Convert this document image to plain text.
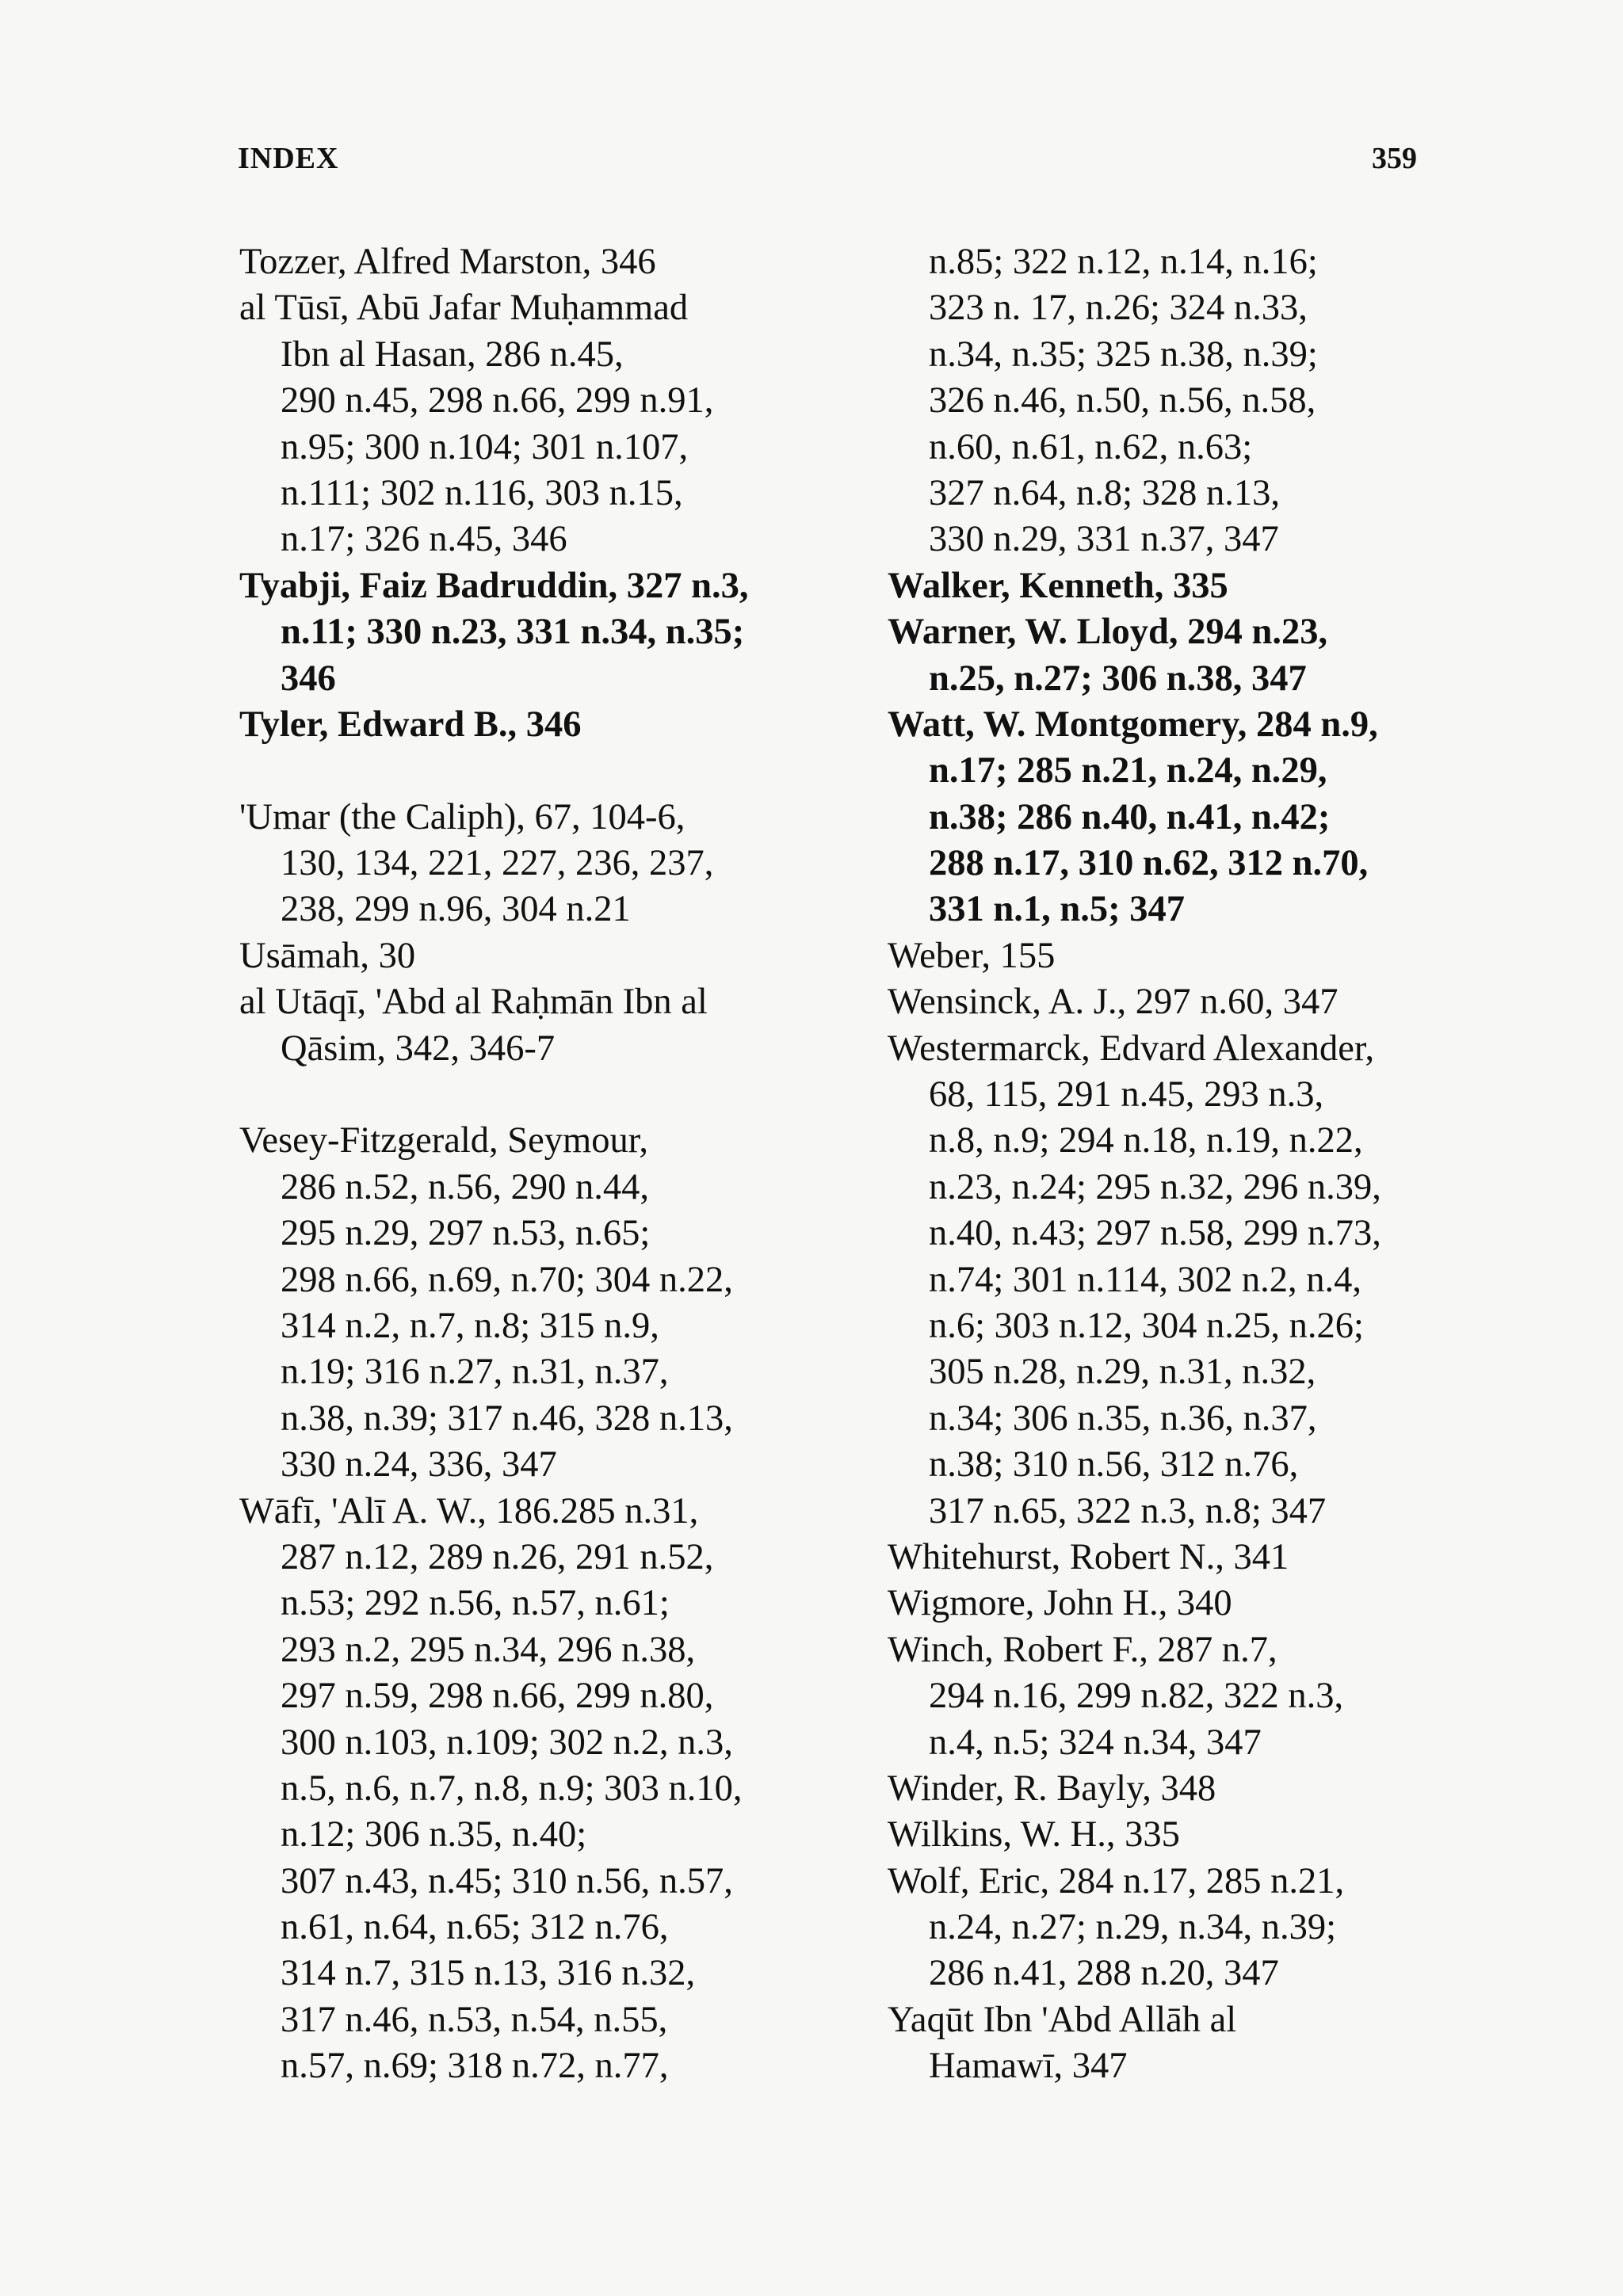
INDEX	359
Tozzer, Alfred Marston, 346
al Tūsī, Abū Jafar Muḥammad
Ibn al Hasan, 286 n.45,
290 n.45, 298 n.66, 299 n.91,
n.95; 300 n.104; 301 n.107,
n.111; 302 n.116, 303 n.15,
n.17; 326 n.45, 346
Tyabji, Faiz Badruddin, 327 n.3,
n.11; 330 n.23, 331 n.34, n.35;
346
Tyler, Edward B., 346
'Umar (the Caliph), 67, 104-6,
130, 134, 221, 227, 236, 237,
238, 299 n.96, 304 n.21
Usāmah, 30
al Utāqī, 'Abd al Raḥmān Ibn al
Qāsim, 342, 346-7
Vesey-Fitzgerald, Seymour,
286 n.52, n.56, 290 n.44,
295 n.29, 297 n.53, n.65;
298 n.66, n.69, n.70; 304 n.22,
314 n.2, n.7, n.8; 315 n.9,
n.19; 316 n.27, n.31, n.37,
n.38, n.39; 317 n.46, 328 n.13,
330 n.24, 336, 347
Wāfī, 'Alī A. W., 186.285 n.31,
287 n.12, 289 n.26, 291 n.52,
n.53; 292 n.56, n.57, n.61;
293 n.2, 295 n.34, 296 n.38,
297 n.59, 298 n.66, 299 n.80,
300 n.103, n.109; 302 n.2, n.3,
n.5, n.6, n.7, n.8, n.9; 303 n.10,
n.12; 306 n.35, n.40;
307 n.43, n.45; 310 n.56, n.57,
n.61, n.64, n.65; 312 n.76,
314 n.7, 315 n.13, 316 n.32,
317 n.46, n.53, n.54, n.55,
n.57, n.69; 318 n.72, n.77,
n.85; 322 n.12, n.14, n.16;
323 n. 17, n.26; 324 n.33,
n.34, n.35; 325 n.38, n.39;
326 n.46, n.50, n.56, n.58,
n.60, n.61, n.62, n.63;
327 n.64, n.8; 328 n.13,
330 n.29, 331 n.37, 347
Walker, Kenneth, 335
Warner, W. Lloyd, 294 n.23,
n.25, n.27; 306 n.38, 347
Watt, W. Montgomery, 284 n.9,
n.17; 285 n.21, n.24, n.29,
n.38; 286 n.40, n.41, n.42;
288 n.17, 310 n.62, 312 n.70,
331 n.1, n.5; 347
Weber, 155
Wensinck, A. J., 297 n.60, 347
Westermarck, Edvard Alexander,
68, 115, 291 n.45, 293 n.3,
n.8, n.9; 294 n.18, n.19, n.22,
n.23, n.24; 295 n.32, 296 n.39,
n.40, n.43; 297 n.58, 299 n.73,
n.74; 301 n.114, 302 n.2, n.4,
n.6; 303 n.12, 304 n.25, n.26;
305 n.28, n.29, n.31, n.32,
n.34; 306 n.35, n.36, n.37,
n.38; 310 n.56, 312 n.76,
317 n.65, 322 n.3, n.8; 347
Whitehurst, Robert N., 341
Wigmore, John H., 340
Winch, Robert F., 287 n.7,
294 n.16, 299 n.82, 322 n.3,
n.4, n.5; 324 n.34, 347
Winder, R. Bayly, 348
Wilkins, W. H., 335
Wolf, Eric, 284 n.17, 285 n.21,
n.24, n.27; n.29, n.34, n.39;
286 n.41, 288 n.20, 347
Yaqūt Ibn 'Abd Allāh al
Hamawī, 347
